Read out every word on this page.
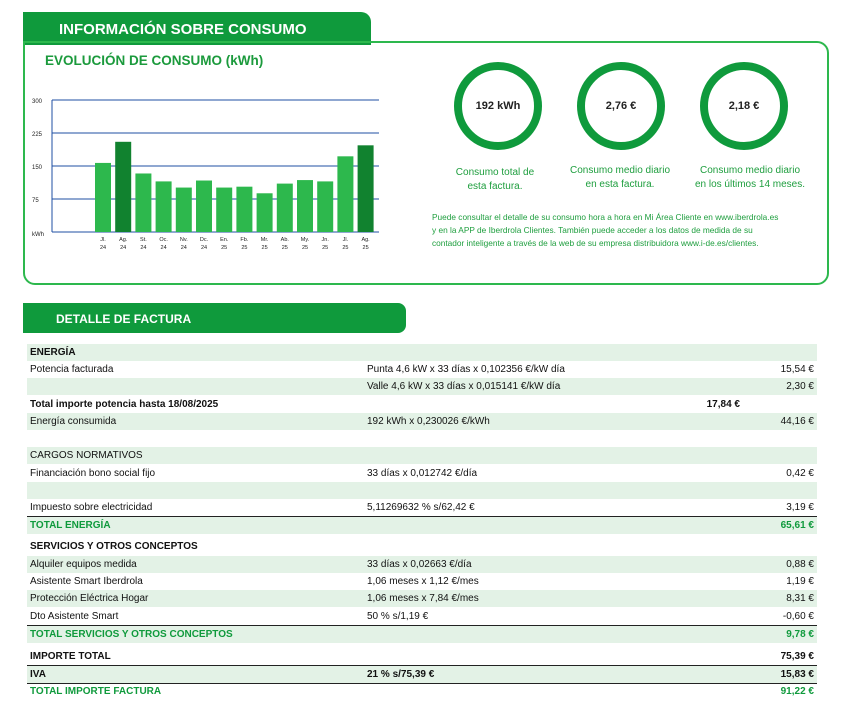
INFORMACIÓN SOBRE CONSUMO
EVOLUCIÓN DE CONSUMO (kWh)
300
225
150
75
kWh
Jl.
24
Ag.
24
St.
24
Oc.
24
Nv.
24
Dc.
24
En.
25
Fb.
25
Mr.
25
Ab.
25
My.
25
Jn.
25
Jl.
25
Ag.
25
192 kWh	2,76 €	2,18 €
Consumo total de
esta factura.
Consumo medio diario
en esta factura.
Consumo medio diario
en los últimos 14 meses.
Puede consultar el detalle de su consumo hora a hora en Mi Área Cliente en www.iberdrola.es
y en la APP de Iberdrola Clientes. También puede acceder a los datos de medida de su
contador inteligente a través de la web de su empresa distribuidora www.i-de.es/clientes.
DETALLE DE FACTURA
ENERGÍA
Potencia facturada	Punta 4,6 kW x 33 días x 0,102356 €/kW día	15,54 €
Valle 4,6 kW x 33 días x 0,015141 €/kW día	2,30 €
Total importe potencia hasta 18/08/2025	17,84 €
Energía consumida	192 kWh x 0,230026 €/kWh	44,16 €
CARGOS NORMATIVOS
Financiación bono social fijo	33 días x 0,012742 €/día	0,42 €
Impuesto sobre electricidad	5,11269632 % s/62,42 €	3,19 €
TOTAL ENERGÍA	65,61 €
SERVICIOS Y OTROS CONCEPTOS
Alquiler equipos medida	33 días x 0,02663 €/día	0,88 €
Asistente Smart Iberdrola	1,06 meses x 1,12 €/mes	1,19 €
Protección Eléctrica Hogar	1,06 meses x 7,84 €/mes	8,31 €
Dto Asistente Smart	50 % s/1,19 €	-0,60 €
TOTAL SERVICIOS Y OTROS CONCEPTOS	9,78 €
IMPORTE TOTAL	75,39 €
IVA	21 % s/75,39 €	15,83 €
TOTAL IMPORTE FACTURA	91,22 €
